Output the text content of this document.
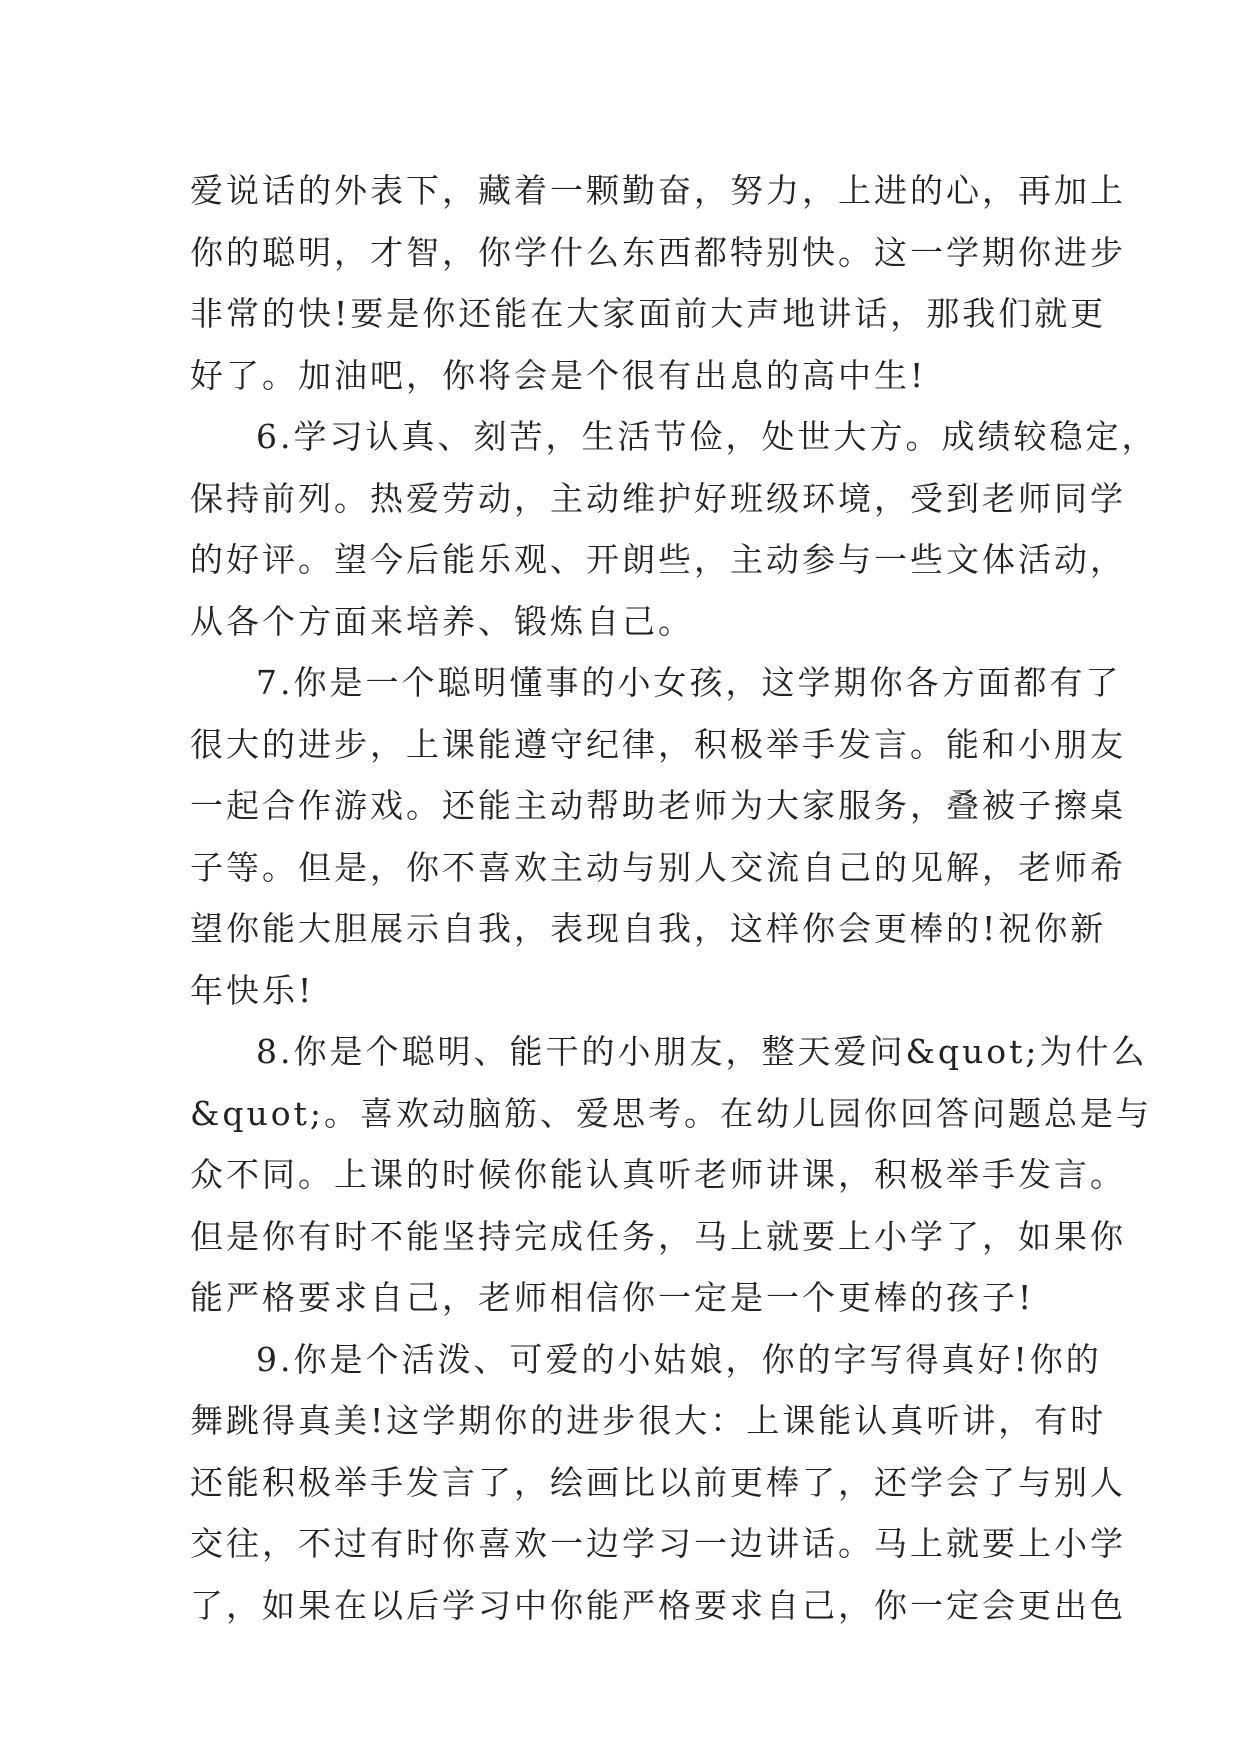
爱说话的外表下，藏着一颗勤奋，努力，上进的心，再加上
你的聪明，才智，你学什么东西都特别快。这一学期你进步
非常的快!要是你还能在大家面前大声地讲话，那我们就更
好了。加油吧，你将会是个很有出息的高中生!
6.学习认真、刻苦，生活节俭，处世大方。成绩较稳定，
保持前列。热爱劳动，主动维护好班级环境，受到老师同学
的好评。望今后能乐观、开朗些，主动参与一些文体活动，
从各个方面来培养、锻炼自己。
7.你是一个聪明懂事的小女孩，这学期你各方面都有了
很大的进步，上课能遵守纪律，积极举手发言。能和小朋友
一起合作游戏。还能主动帮助老师为大家服务，叠被子擦桌
子等。但是，你不喜欢主动与别人交流自己的见解，老师希
望你能大胆展示自我，表现自我，这样你会更棒的!祝你新
年快乐!
8.你是个聪明、能干的小朋友，整天爱问&quot;为什么
&quot;。喜欢动脑筋、爱思考。在幼儿园你回答问题总是与
众不同。上课的时候你能认真听老师讲课，积极举手发言。
但是你有时不能坚持完成任务，马上就要上小学了，如果你
能严格要求自己，老师相信你一定是一个更棒的孩子!
9.你是个活泼、可爱的小姑娘，你的字写得真好!你的
舞跳得真美!这学期你的进步很大：上课能认真听讲，有时
还能积极举手发言了，绘画比以前更棒了，还学会了与别人
交往，不过有时你喜欢一边学习一边讲话。马上就要上小学
了，如果在以后学习中你能严格要求自己，你一定会更出色
